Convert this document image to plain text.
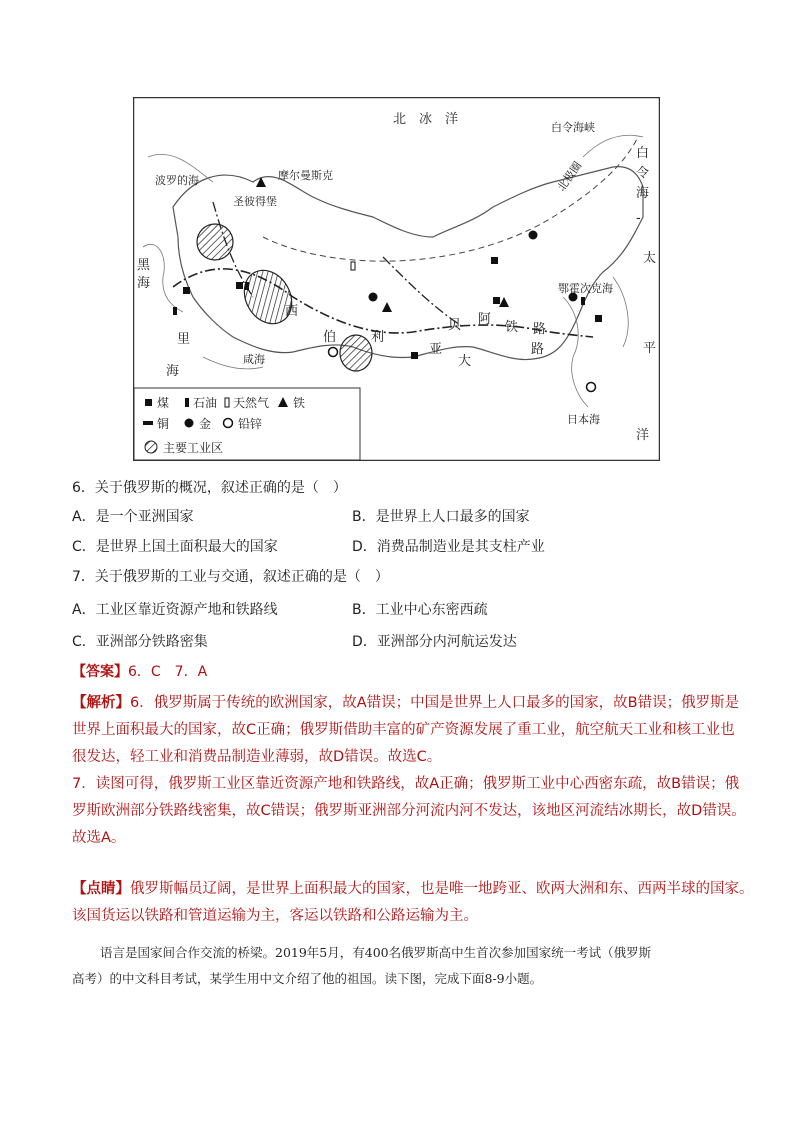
北　冰　洋
白令海峡
白
令
海
-
太
平
洋
北极圈
摩尔曼斯克
波罗的海
圣彼得堡
鄂霍次克海
黑
海
里
海
咸海
西
伯	利
亚
大
贝 阿
铁 路
路
日本海
煤 石油 天然气 铁
铜 金 铅锌
主要工业区
6．关于俄罗斯的概况，叙述正确的是（　）
A．是一个亚洲国家	B．是世界上人口最多的国家
C．是世界上国土面积最大的国家	D．消费品制造业是其支柱产业
7．关于俄罗斯的工业与交通，叙述正确的是（　）
A．工业区靠近资源产地和铁路线	B．工业中心东密西疏
C．亚洲部分铁路密集	D．亚洲部分内河航运发达
【答案】6．C　7．A
【解析】6．俄罗斯属于传统的欧洲国家，故A错误；中国是世界上人口最多的国家，故B错误；俄罗斯是
世界上面积最大的国家，故C正确；俄罗斯借助丰富的矿产资源发展了重工业，航空航天工业和核工业也
很发达，轻工业和消费品制造业薄弱，故D错误。故选C。
7．读图可得，俄罗斯工业区靠近资源产地和铁路线，故A正确；俄罗斯工业中心西密东疏，故B错误；俄
罗斯欧洲部分铁路线密集，故C错误；俄罗斯亚洲部分河流内河不发达，该地区河流结冰期长，故D错误。
故选A。
【点睛】俄罗斯幅员辽阔，是世界上面积最大的国家，也是唯一地跨亚、欧两大洲和东、西两半球的国家。
该国货运以铁路和管道运输为主，客运以铁路和公路运输为主。
语言是国家间合作交流的桥梁。2019年5月，有400名俄罗斯高中生首次参加国家统一考试（俄罗斯
高考）的中文科目考试，某学生用中文介绍了他的祖国。读下图，完成下面8-9小题。
